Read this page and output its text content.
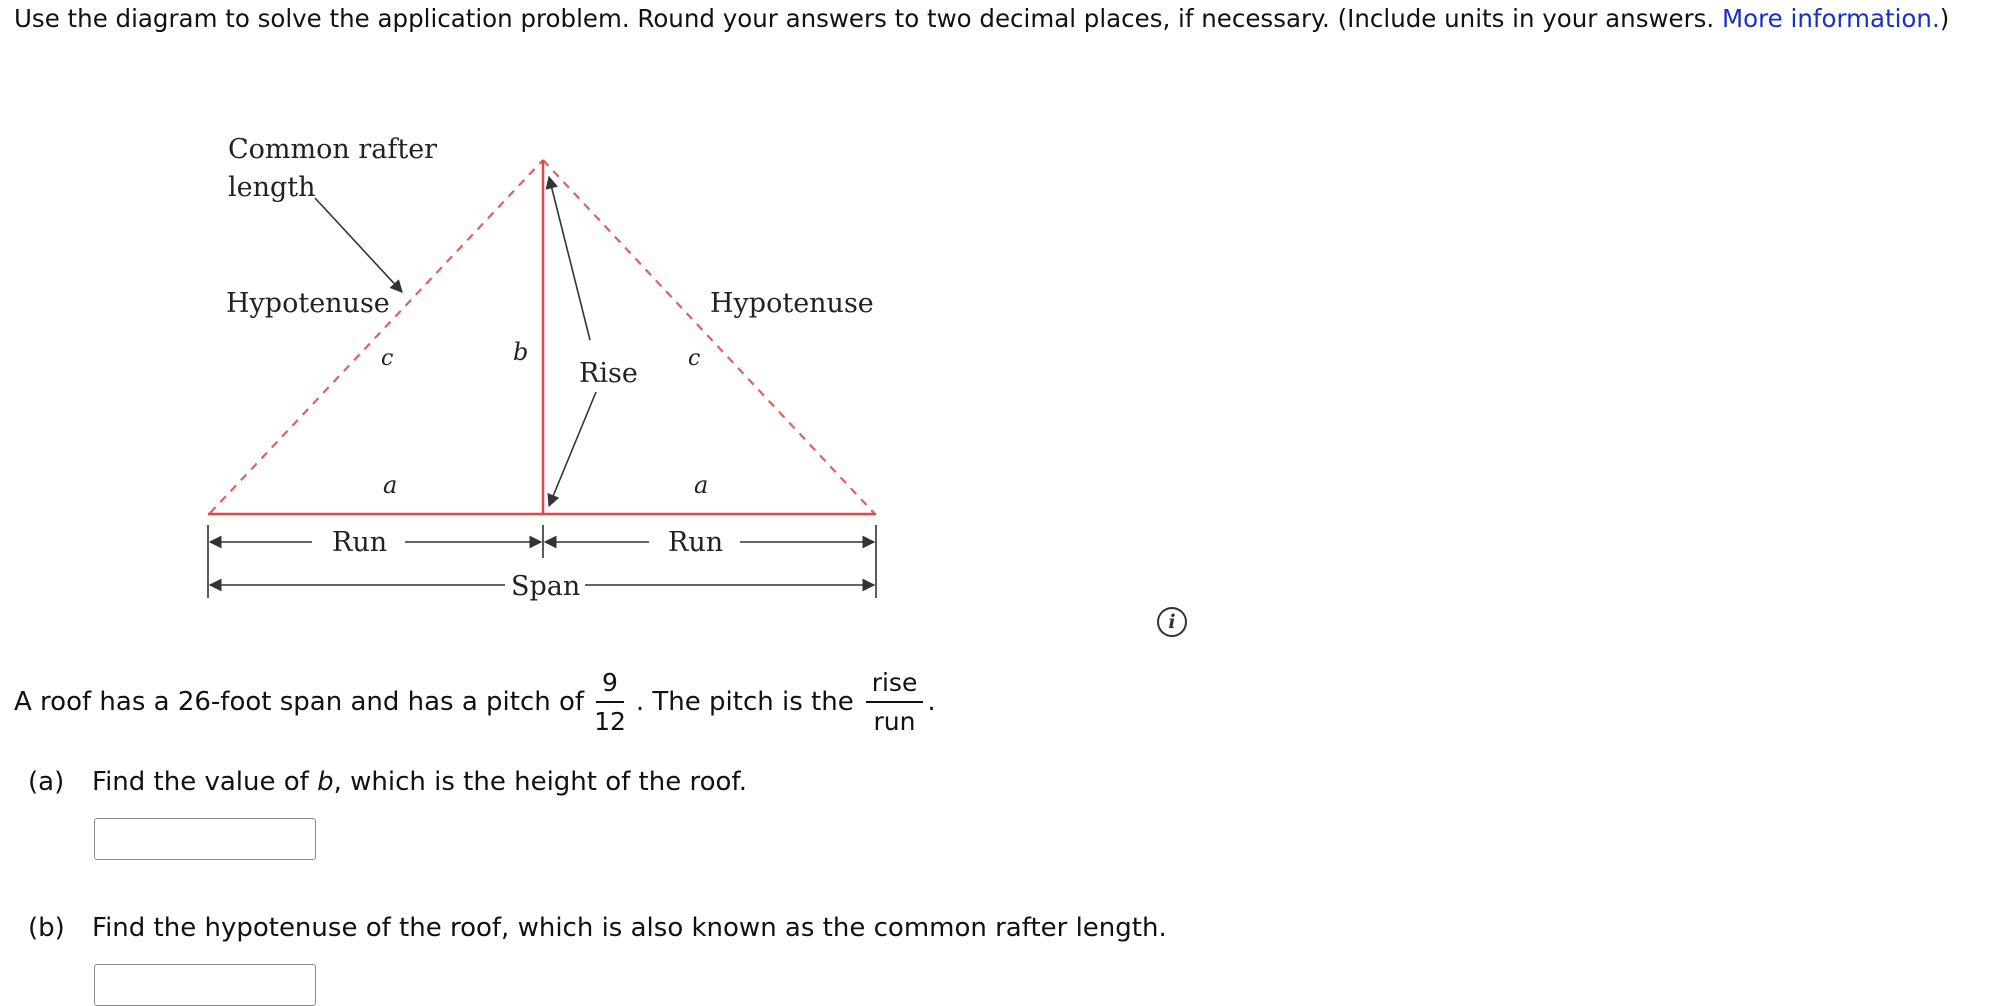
Use the diagram to solve the application problem. Round your answers to two decimal places, if necessary. (Include units in your answers. More information.)
Common rafter
length
Hypotenuse	Hypotenuse
c	c
b
Rise
a	a
Run	Run
Span
i
A roof has a 26-foot span and has a pitch of $\frac{9}{12}$ . The pitch is the $\frac{\text{rise}}{\text{run}}$ .
(a) Find the value of b, which is the height of the roof.
(b) Find the hypotenuse of the roof, which is also known as the common rafter length.
